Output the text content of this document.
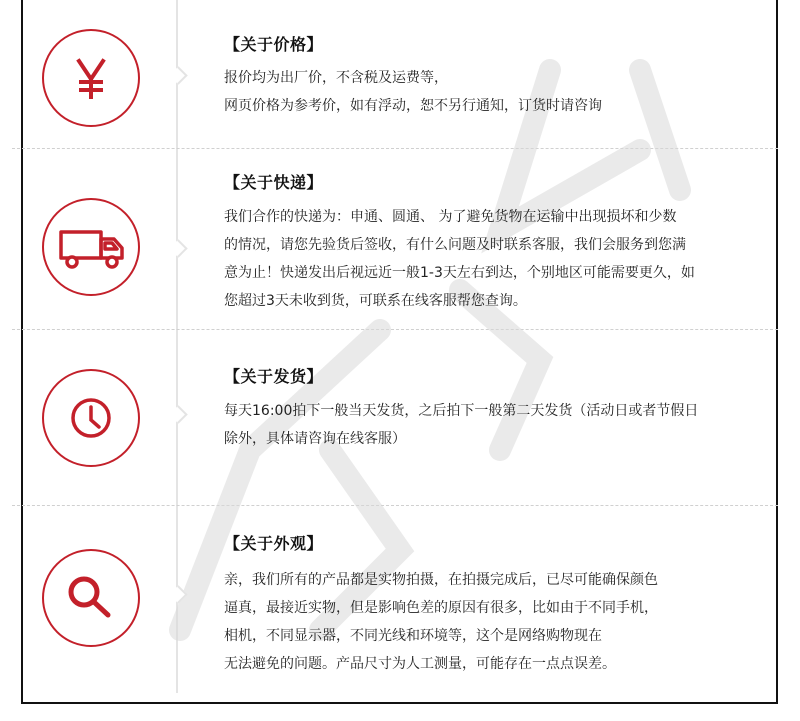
【关于价格】

报价均为出厂价，不含税及运费等，
网页价格为参考价，如有浮动，恕不另行通知，订货时请咨询

【关于快递】

我们合作的快递为：申通、圆通、 为了避免货物在运输中出现损坏和少数
的情况，请您先验货后签收，有什么问题及时联系客服，我们会服务到您满
意为止！快递发出后视远近一般1-3天左右到达，个别地区可能需要更久，如
您超过3天未收到货，可联系在线客服帮您查询。

【关于发货】

每天16:00拍下一般当天发货，之后拍下一般第二天发货（活动日或者节假日
除外，具体请咨询在线客服）

【关于外观】

亲，我们所有的产品都是实物拍摄，在拍摄完成后，已尽可能确保颜色
逼真，最接近实物，但是影响色差的原因有很多，比如由于不同手机，
相机，不同显示器，不同光线和环境等，这个是网络购物现在
无法避免的问题。产品尺寸为人工测量，可能存在一点点误差。
